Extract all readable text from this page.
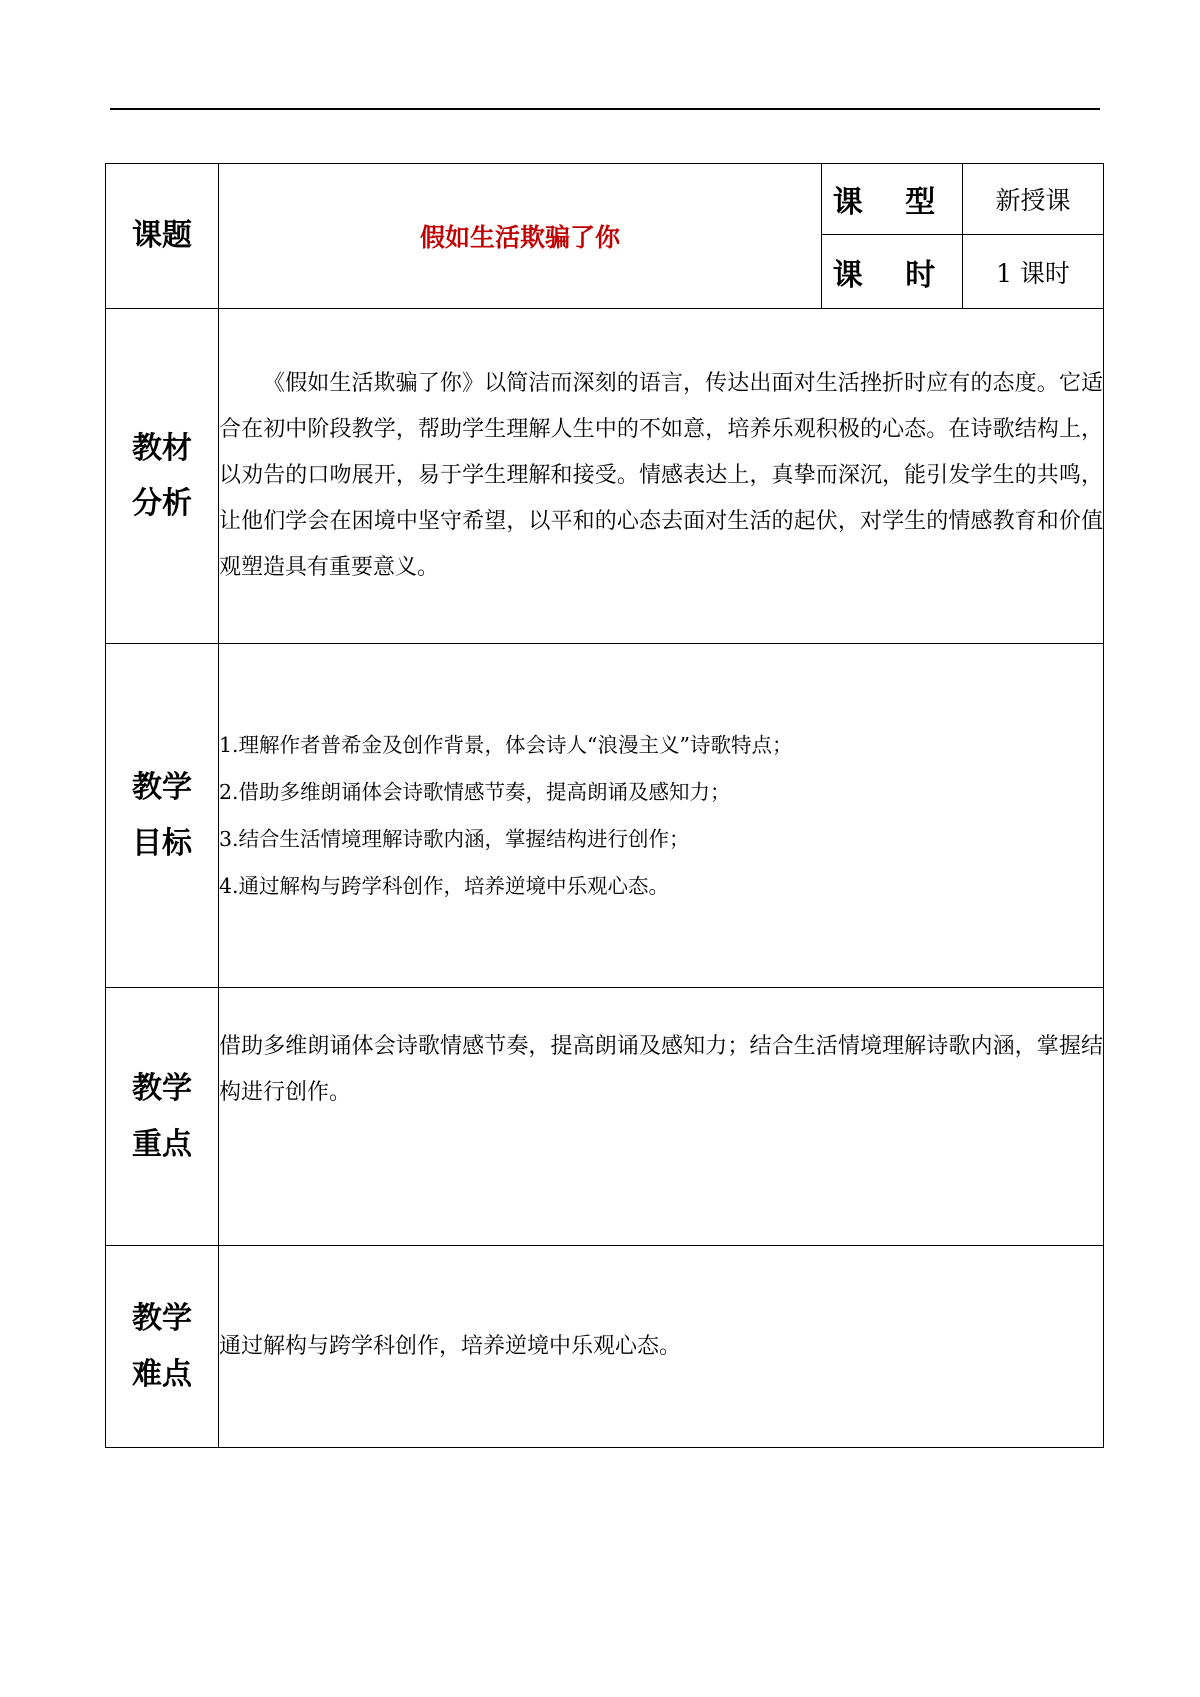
课题	假如生活欺骗了你	课 型	新授课
		课 时	1 课时

教材
分析	《假如生活欺骗了你》以简洁而深刻的语言，传达出面对生活挫折时应有的态度。它适合在初中阶段教学，帮助学生理解人生中的不如意，培养乐观积极的心态。在诗歌结构上，以劝告的口吻展开，易于学生理解和接受。情感表达上，真挚而深沉，能引发学生的共鸣，让他们学会在困境中坚守希望，以平和的心态去面对生活的起伏，对学生的情感教育和价值观塑造具有重要意义。		

教学
目标	1.理解作者普希金及创作背景，体会诗人“浪漫主义”诗歌特点；
2.借助多维朗诵体会诗歌情感节奏，提高朗诵及感知力；
3.结合生活情境理解诗歌内涵，掌握结构进行创作；
4.通过解构与跨学科创作，培养逆境中乐观心态。		

教学
重点	借助多维朗诵体会诗歌情感节奏，提高朗诵及感知力；结合生活情境理解诗歌内涵，掌握结构进行创作。		

教学
难点	通过解构与跨学科创作，培养逆境中乐观心态。		
